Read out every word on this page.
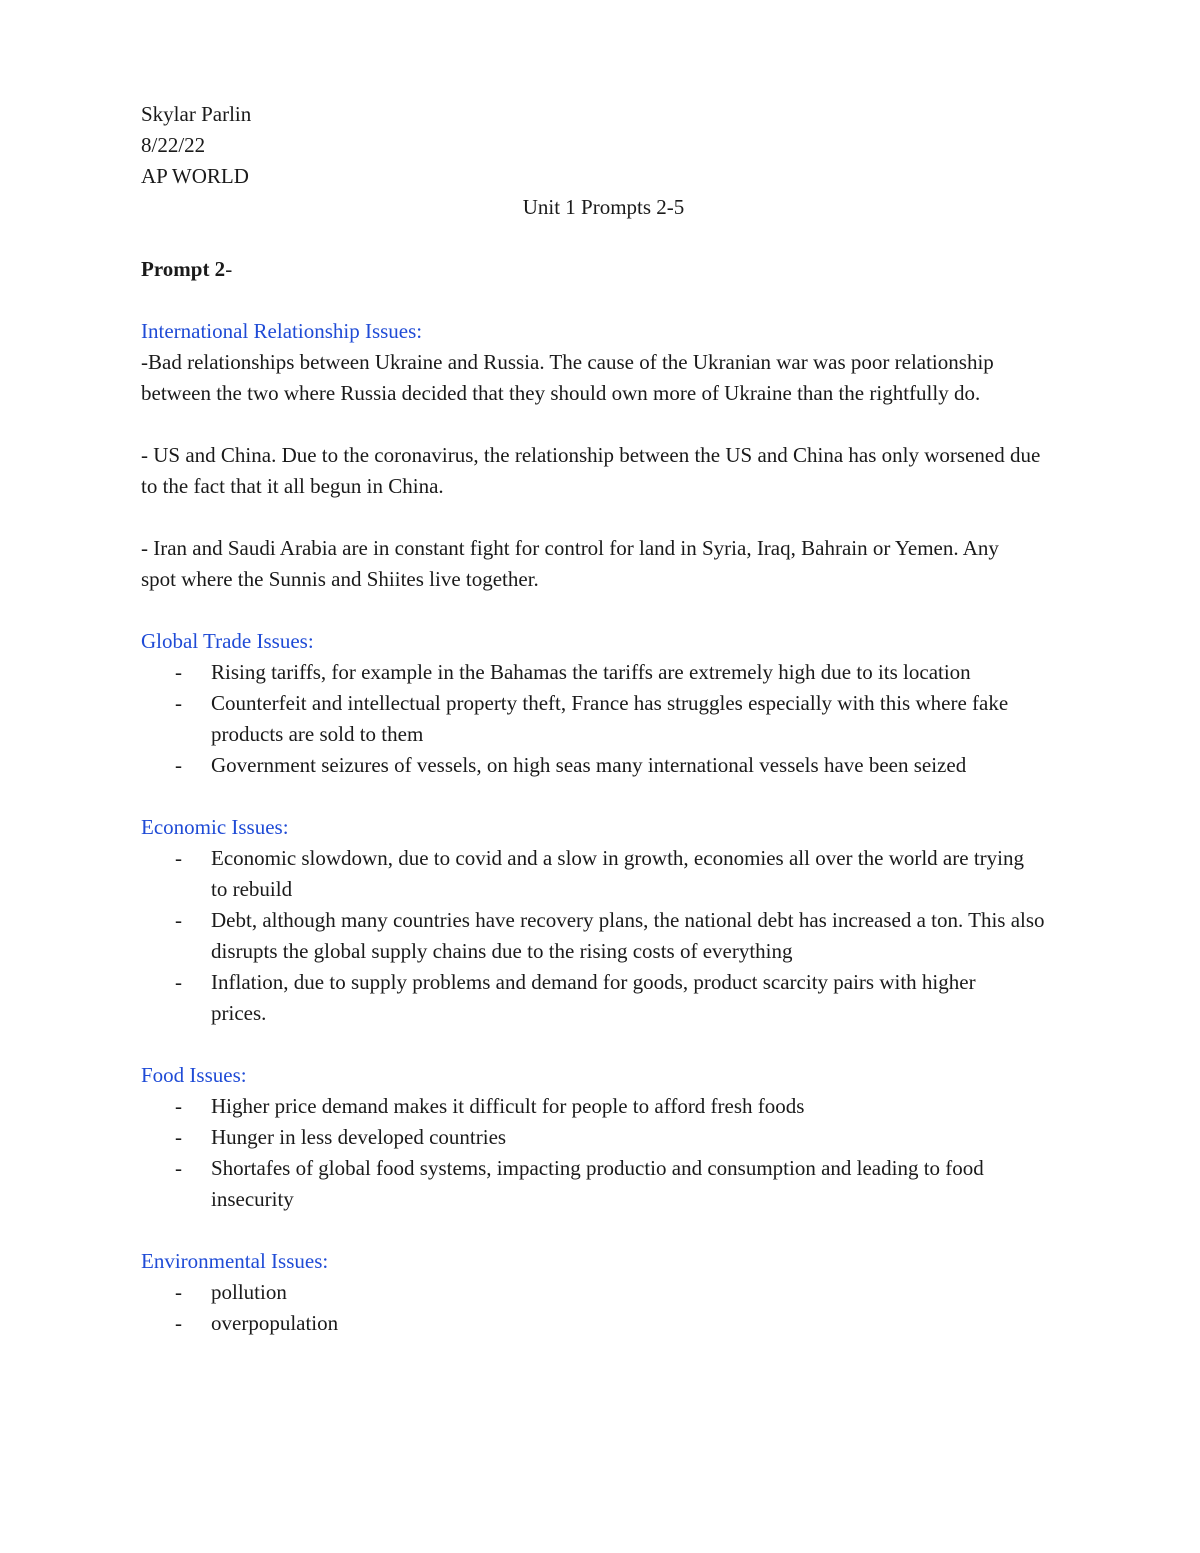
Skylar Parlin

8/22/22

AP WORLD

Unit 1 Prompts 2-5

Prompt 2-

International Relationship Issues:

-Bad relationships between Ukraine and Russia. The cause of the Ukranian war was poor relationship between the two where Russia decided that they should own more of Ukraine than the rightfully do.

- US and China. Due to the coronavirus, the relationship between the US and China has only worsened due to the fact that it all begun in China.

- Iran and Saudi Arabia are in constant fight for control for land in Syria, Iraq, Bahrain or Yemen. Any spot where the Sunnis and Shiites live together.

Global Trade Issues:

- Rising tariffs, for example in the Bahamas the tariffs are extremely high due to its location
- Counterfeit and intellectual property theft, France has struggles especially with this where fake products are sold to them
- Government seizures of vessels, on high seas many international vessels have been seized

Economic Issues:

- Economic slowdown, due to covid and a slow in growth, economies all over the world are trying to rebuild
- Debt, although many countries have recovery plans, the national debt has increased a ton. This also disrupts the global supply chains due to the rising costs of everything
- Inflation, due to supply problems and demand for goods, product scarcity pairs with higher prices.

Food Issues:

- Higher price demand makes it difficult for people to afford fresh foods
- Hunger in less developed countries
- Shortafes of global food systems, impacting productio and consumption and leading to food insecurity

Environmental Issues:

- pollution
- overpopulation
